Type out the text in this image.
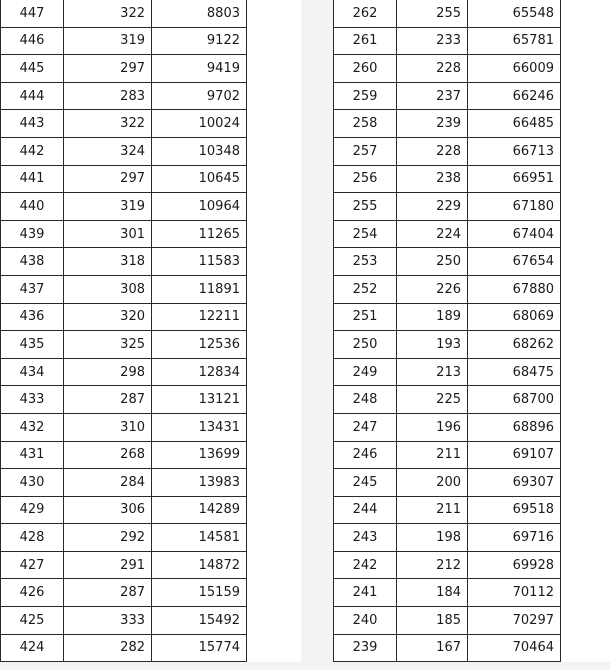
447	322	8803
446	319	9122
445	297	9419
444	283	9702
443	322	10024
442	324	10348
441	297	10645
440	319	10964
439	301	11265
438	318	11583
437	308	11891
436	320	12211
435	325	12536
434	298	12834
433	287	13121
432	310	13431
431	268	13699
430	284	13983
429	306	14289
428	292	14581
427	291	14872
426	287	15159
425	333	15492
424	282	15774
262	255	65548
261	233	65781
260	228	66009
259	237	66246
258	239	66485
257	228	66713
256	238	66951
255	229	67180
254	224	67404
253	250	67654
252	226	67880
251	189	68069
250	193	68262
249	213	68475
248	225	68700
247	196	68896
246	211	69107
245	200	69307
244	211	69518
243	198	69716
242	212	69928
241	184	70112
240	185	70297
239	167	70464
